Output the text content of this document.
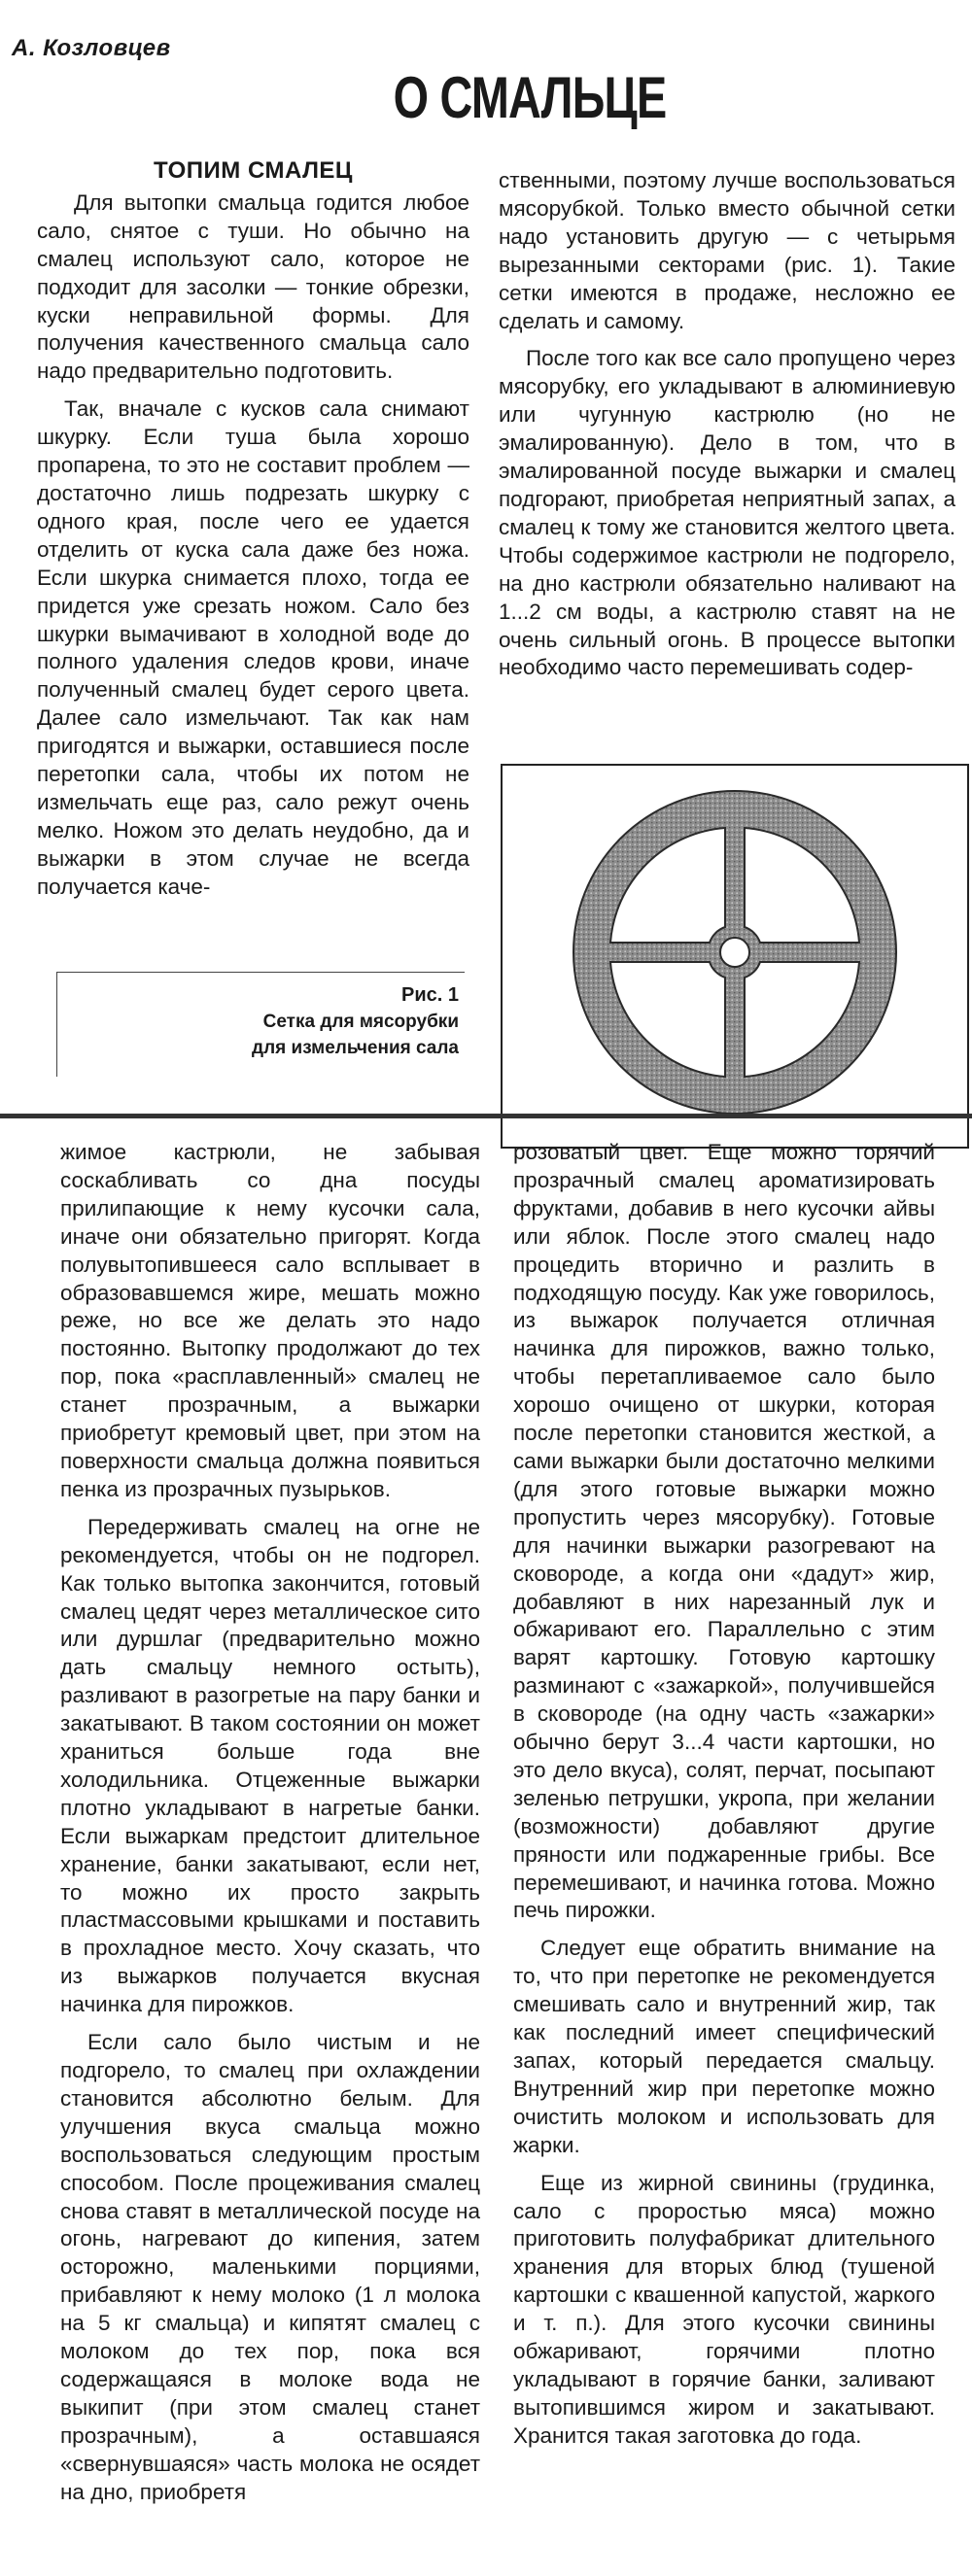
А. Козловцев
О СМАЛЬЦЕ
ТОПИМ СМАЛЕЦ

Для вытопки смальца годится любое сало, снятое с туши. Но обычно на смалец используют сало, которое не подходит для засолки — тонкие обрезки, куски неправильной формы. Для получения качественного смальца сало надо предварительно подготовить.

Так, вначале с кусков сала снимают шкурку. Если туша была хорошо пропарена, то это не составит проблем — достаточно лишь подрезать шкурку с одного края, после чего ее удается отделить от куска сала даже без ножа. Если шкурка снимается плохо, тогда ее придется уже срезать ножом. Сало без шкурки вымачивают в холодной воде до полного удаления следов крови, иначе полученный смалец будет серого цвета. Далее сало измельчают. Так как нам пригодятся и выжарки, оставшиеся после перетопки сала, чтобы их потом не измельчать еще раз, сало режут очень мелко. Ножом это делать неудобно, да и выжарки в этом случае не всегда получается каче-

ственными, поэтому лучше воспользоваться мясорубкой. Только вместо обычной сетки надо установить другую — с четырьмя вырезанными секторами (рис. 1). Такие сетки имеются в продаже, несложно ее сделать и самому.

После того как все сало пропущено через мясорубку, его укладывают в алюминиевую или чугунную кастрюлю (но не эмалированную). Дело в том, что в эмалированной посуде выжарки и смалец подгорают, приобретая неприятный запах, а смалец к тому же становится желтого цвета. Чтобы содержимое кастрюли не подгорело, на дно кастрюли обязательно наливают на 1...2 см воды, а кастрюлю ставят на не очень сильный огонь. В процессе вытопки необходимо часто перемешивать содер-

Рис. 1
Сетка для мясорубки
для измельчения сала

жимое кастрюли, не забывая соскабливать со дна посуды прилипающие к нему кусочки сала, иначе они обязательно пригорят. Когда полувытопившееся сало всплывает в образовавшемся жире, мешать можно реже, но все же делать это надо постоянно. Вытопку продолжают до тех пор, пока «расплавленный» смалец не станет прозрачным, а выжарки приобретут кремовый цвет, при этом на поверхности смальца должна появиться пенка из прозрачных пузырьков.

Передерживать смалец на огне не рекомендуется, чтобы он не подгорел. Как только вытопка закончится, готовый смалец цедят через металлическое сито или дуршлаг (предварительно можно дать смальцу немного остыть), разливают в разогретые на пару банки и закатывают. В таком состоянии он может храниться больше года вне холодильника. Отцеженные выжарки плотно укладывают в нагретые банки. Если выжаркам предстоит длительное хранение, банки закатывают, если нет, то можно их просто закрыть пластмассовыми крышками и поставить в прохладное место. Хочу сказать, что из выжарков получается вкусная начинка для пирожков.

Если сало было чистым и не подгорело, то смалец при охлаждении становится абсолютно белым. Для улучшения вкуса смальца можно воспользоваться следующим простым способом. После процеживания смалец снова ставят в металлической посуде на огонь, нагревают до кипения, затем осторожно, маленькими порциями, прибавляют к нему молоко (1 л молока на 5 кг смальца) и кипятят смалец с молоком до тех пор, пока вся содержащаяся в молоке вода не выкипит (при этом смалец станет прозрачным), а оставшаяся «свернувшаяся» часть молока не осядет на дно, приобретя

розоватый цвет. Еще можно горячий прозрачный смалец ароматизировать фруктами, добавив в него кусочки айвы или яблок. После этого смалец надо процедить вторично и разлить в подходящую посуду. Как уже говорилось, из выжарок получается отличная начинка для пирожков, важно только, чтобы перетапливаемое сало было хорошо очищено от шкурки, которая после перетопки становится жесткой, а сами выжарки были достаточно мелкими (для этого готовые выжарки можно пропустить через мясорубку). Готовые для начинки выжарки разогревают на сковороде, а когда они «дадут» жир, добавляют в них нарезанный лук и обжаривают его. Параллельно с этим варят картошку. Готовую картошку разминают с «зажаркой», получившейся в сковороде (на одну часть «зажарки» обычно берут 3...4 части картошки, но это дело вкуса), солят, перчат, посыпают зеленью петрушки, укропа, при желании (возможности) добавляют другие пряности или поджаренные грибы. Все перемешивают, и начинка готова. Можно печь пирожки.

Следует еще обратить внимание на то, что при перетопке не рекомендуется смешивать сало и внутренний жир, так как последний имеет специфический запах, который передается смальцу. Внутренний жир при перетопке можно очистить молоком и использовать для жарки.

Еще из жирной свинины (грудинка, сало с проростью мяса) можно приготовить полуфабрикат длительного хранения для вторых блюд (тушеной картошки с квашенной капустой, жаркого и т. п.). Для этого кусочки свинины обжаривают, горячими плотно укладывают в горячие банки, заливают вытопившимся жиром и закатывают. Хранится такая заготовка до года.
